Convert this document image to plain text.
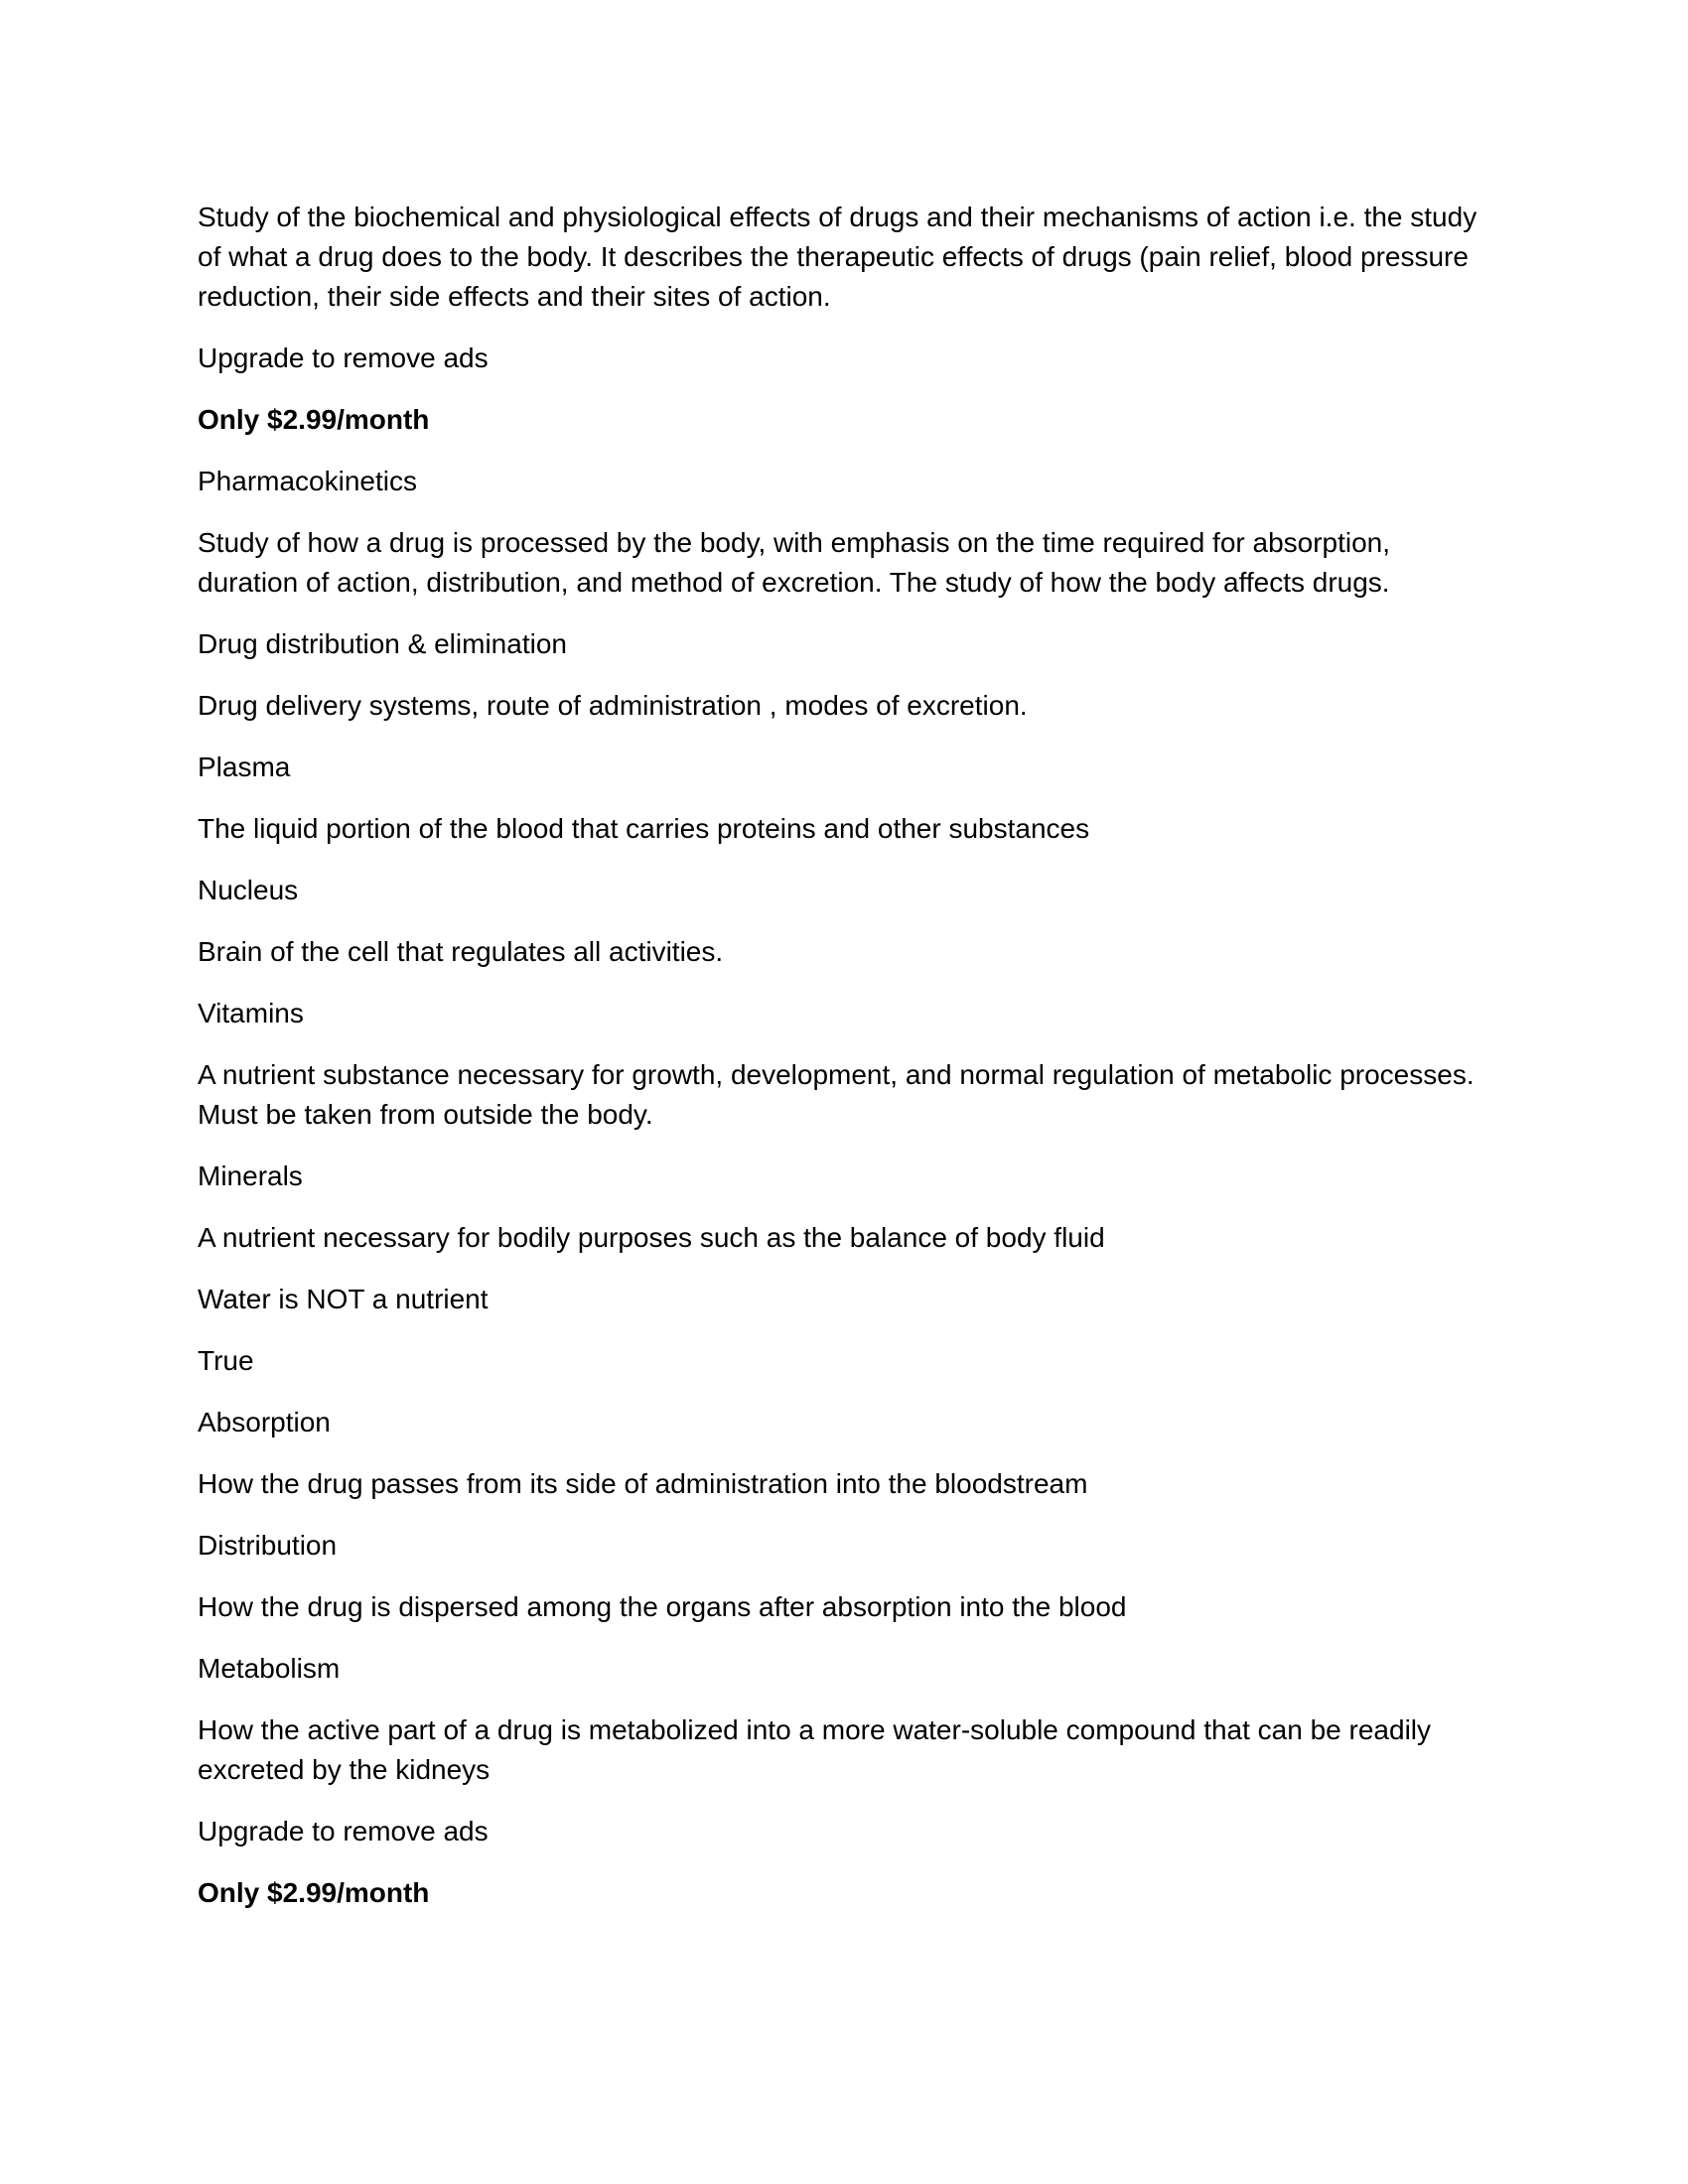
Study of the biochemical and physiological effects of drugs and their mechanisms of action i.e. the study of what a drug does to the body. It describes the therapeutic effects of drugs (pain relief, blood pressure reduction, their side effects and their sites of action.

Upgrade to remove ads

Only $2.99/month

Pharmacokinetics

Study of how a drug is processed by the body, with emphasis on the time required for absorption, duration of action, distribution, and method of excretion. The study of how the body affects drugs.

Drug distribution & elimination

Drug delivery systems, route of administration , modes of excretion.

Plasma

The liquid portion of the blood that carries proteins and other substances

Nucleus

Brain of the cell that regulates all activities.

Vitamins

A nutrient substance necessary for growth, development, and normal regulation of metabolic processes. Must be taken from outside the body.

Minerals

A nutrient necessary for bodily purposes such as the balance of body fluid

Water is NOT a nutrient

True

Absorption

How the drug passes from its side of administration into the bloodstream

Distribution

How the drug is dispersed among the organs after absorption into the blood

Metabolism

How the active part of a drug is metabolized into a more water-soluble compound that can be readily excreted by the kidneys

Upgrade to remove ads

Only $2.99/month
